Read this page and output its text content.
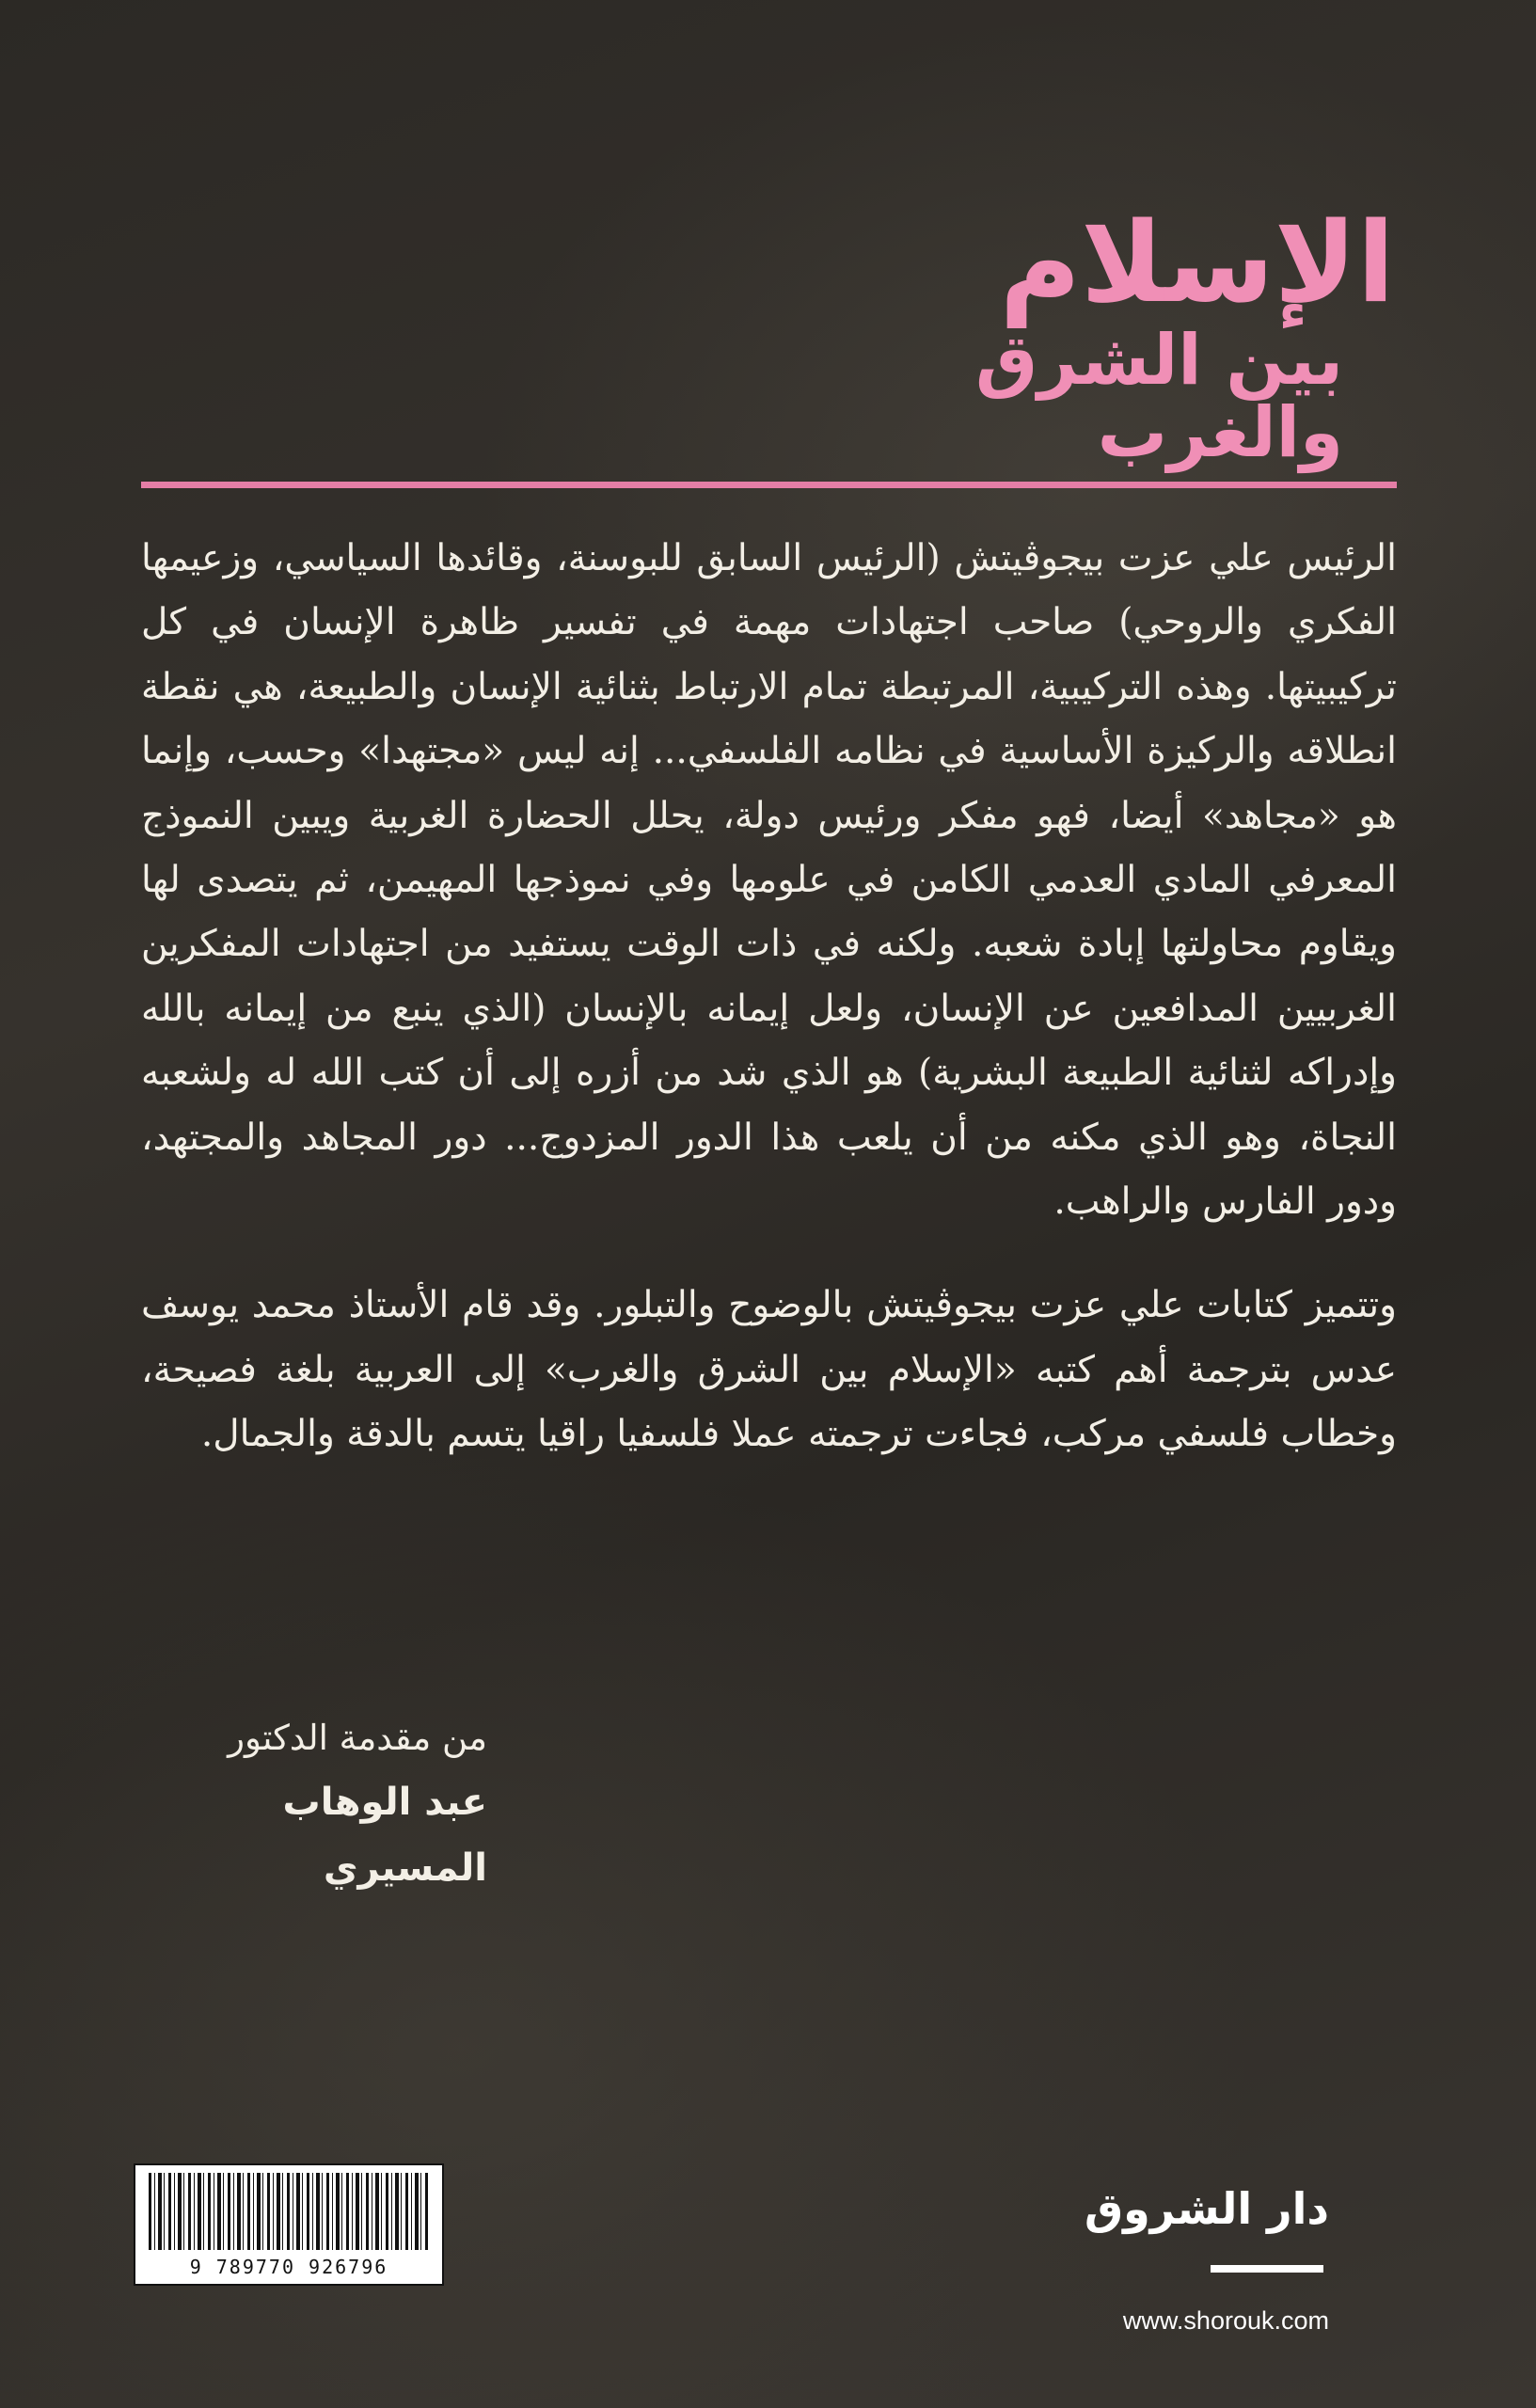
الإسلام
بين الشرق
والغرب

الرئيس علي عزت بيجوڤيتش (الرئيس السابق للبوسنة، وقائدها السياسي، وزعيمها الفكري والروحي) صاحب اجتهادات مهمة في تفسير ظاهرة الإنسان في كل تركيبيتها. وهذه التركيبية، المرتبطة تمام الارتباط بثنائية الإنسان والطبيعة، هي نقطة انطلاقه والركيزة الأساسية في نظامه الفلسفي... إنه ليس «مجتهدا» وحسب، وإنما هو «مجاهد» أيضا، فهو مفكر ورئيس دولة، يحلل الحضارة الغربية ويبين النموذج المعرفي المادي العدمي الكامن في علومها وفي نموذجها المهيمن، ثم يتصدى لها ويقاوم محاولتها إبادة شعبه. ولكنه في ذات الوقت يستفيد من اجتهادات المفكرين الغربيين المدافعين عن الإنسان، ولعل إيمانه بالإنسان (الذي ينبع من إيمانه بالله وإدراكه لثنائية الطبيعة البشرية) هو الذي شد من أزره إلى أن كتب الله له ولشعبه النجاة، وهو الذي مكنه من أن يلعب هذا الدور المزدوج... دور المجاهد والمجتهد، ودور الفارس والراهب.

وتتميز كتابات علي عزت بيجوڤيتش بالوضوح والتبلور. وقد قام الأستاذ محمد يوسف عدس بترجمة أهم كتبه «الإسلام بين الشرق والغرب» إلى العربية بلغة فصيحة، وخطاب فلسفي مركب، فجاءت ترجمته عملا فلسفيا راقيا يتسم بالدقة والجمال.

من مقدمة الدكتور
عبد الوهاب المسيري
9 789770 926796
دار الشروق
www.shorouk.com
